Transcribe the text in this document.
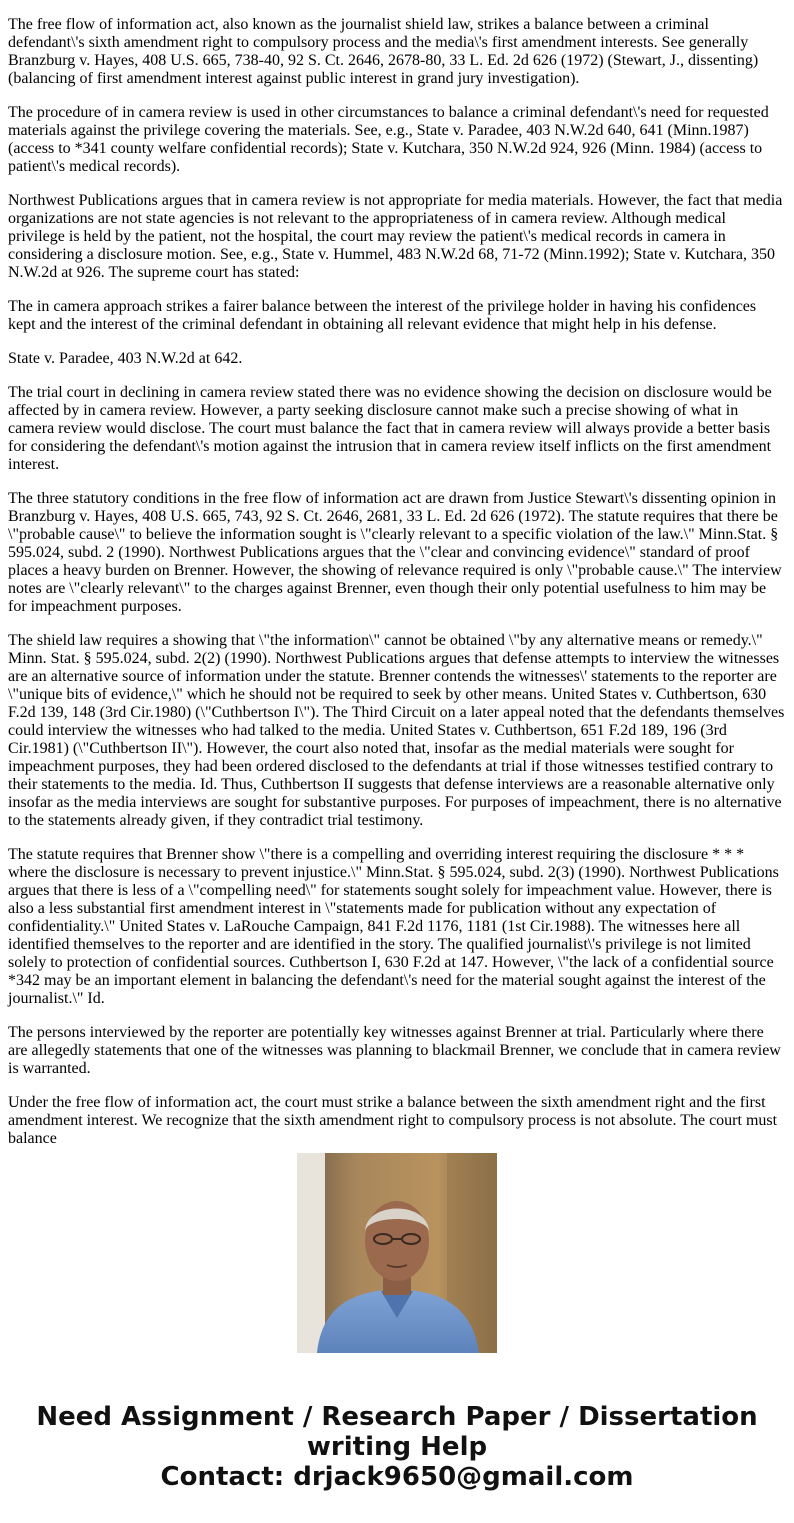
The free flow of information act, also known as the journalist shield law, strikes a balance between a criminal defendant\'s sixth amendment right to compulsory process and the media\'s first amendment interests. See generally Branzburg v. Hayes, 408 U.S. 665, 738-40, 92 S. Ct. 2646, 2678-80, 33 L. Ed. 2d 626 (1972) (Stewart, J., dissenting) (balancing of first amendment interest against public interest in grand jury investigation).

The procedure of in camera review is used in other circumstances to balance a criminal defendant\'s need for requested materials against the privilege covering the materials. See, e.g., State v. Paradee, 403 N.W.2d 640, 641 (Minn.1987) (access to *341 county welfare confidential records); State v. Kutchara, 350 N.W.2d 924, 926 (Minn. 1984) (access to patient\'s medical records).

Northwest Publications argues that in camera review is not appropriate for media materials. However, the fact that media organizations are not state agencies is not relevant to the appropriateness of in camera review. Although medical privilege is held by the patient, not the hospital, the court may review the patient\'s medical records in camera in considering a disclosure motion. See, e.g., State v. Hummel, 483 N.W.2d 68, 71-72 (Minn.1992); State v. Kutchara, 350 N.W.2d at 926. The supreme court has stated:

The in camera approach strikes a fairer balance between the interest of the privilege holder in having his confidences kept and the interest of the criminal defendant in obtaining all relevant evidence that might help in his defense.

State v. Paradee, 403 N.W.2d at 642.

The trial court in declining in camera review stated there was no evidence showing the decision on disclosure would be affected by in camera review. However, a party seeking disclosure cannot make such a precise showing of what in camera review would disclose. The court must balance the fact that in camera review will always provide a better basis for considering the defendant\'s motion against the intrusion that in camera review itself inflicts on the first amendment interest.

The three statutory conditions in the free flow of information act are drawn from Justice Stewart\'s dissenting opinion in Branzburg v. Hayes, 408 U.S. 665, 743, 92 S. Ct. 2646, 2681, 33 L. Ed. 2d 626 (1972). The statute requires that there be \"probable cause\" to believe the information sought is \"clearly relevant to a specific violation of the law.\" Minn.Stat. § 595.024, subd. 2 (1990). Northwest Publications argues that the \"clear and convincing evidence\" standard of proof places a heavy burden on Brenner. However, the showing of relevance required is only \"probable cause.\" The interview notes are \"clearly relevant\" to the charges against Brenner, even though their only potential usefulness to him may be for impeachment purposes.

The shield law requires a showing that \"the information\" cannot be obtained \"by any alternative means or remedy.\" Minn. Stat. § 595.024, subd. 2(2) (1990). Northwest Publications argues that defense attempts to interview the witnesses are an alternative source of information under the statute. Brenner contends the witnesses\' statements to the reporter are \"unique bits of evidence,\" which he should not be required to seek by other means. United States v. Cuthbertson, 630 F.2d 139, 148 (3rd Cir.1980) (\"Cuthbertson I\"). The Third Circuit on a later appeal noted that the defendants themselves could interview the witnesses who had talked to the media. United States v. Cuthbertson, 651 F.2d 189, 196 (3rd Cir.1981) (\"Cuthbertson II\"). However, the court also noted that, insofar as the medial materials were sought for impeachment purposes, they had been ordered disclosed to the defendants at trial if those witnesses testified contrary to their statements to the media. Id. Thus, Cuthbertson II suggests that defense interviews are a reasonable alternative only insofar as the media interviews are sought for substantive purposes. For purposes of impeachment, there is no alternative to the statements already given, if they contradict trial testimony.

The statute requires that Brenner show \"there is a compelling and overriding interest requiring the disclosure * * * where the disclosure is necessary to prevent injustice.\" Minn.Stat. § 595.024, subd. 2(3) (1990). Northwest Publications argues that there is less of a \"compelling need\" for statements sought solely for impeachment value. However, there is also a less substantial first amendment interest in \"statements made for publication without any expectation of confidentiality.\" United States v. LaRouche Campaign, 841 F.2d 1176, 1181 (1st Cir.1988). The witnesses here all identified themselves to the reporter and are identified in the story. The qualified journalist\'s privilege is not limited solely to protection of confidential sources. Cuthbertson I, 630 F.2d at 147. However, \"the lack of a confidential source *342 may be an important element in balancing the defendant\'s need for the material sought against the interest of the journalist.\" Id.

The persons interviewed by the reporter are potentially key witnesses against Brenner at trial. Particularly where there are allegedly statements that one of the witnesses was planning to blackmail Brenner, we conclude that in camera review is warranted.

Under the free flow of information act, the court must strike a balance between the sixth amendment right and the first amendment interest. We recognize that the sixth amendment right to compulsory process is not absolute. The court must balance

Need Assignment / Research Paper / Dissertation
writing Help
Contact: drjack9650@gmail.com
